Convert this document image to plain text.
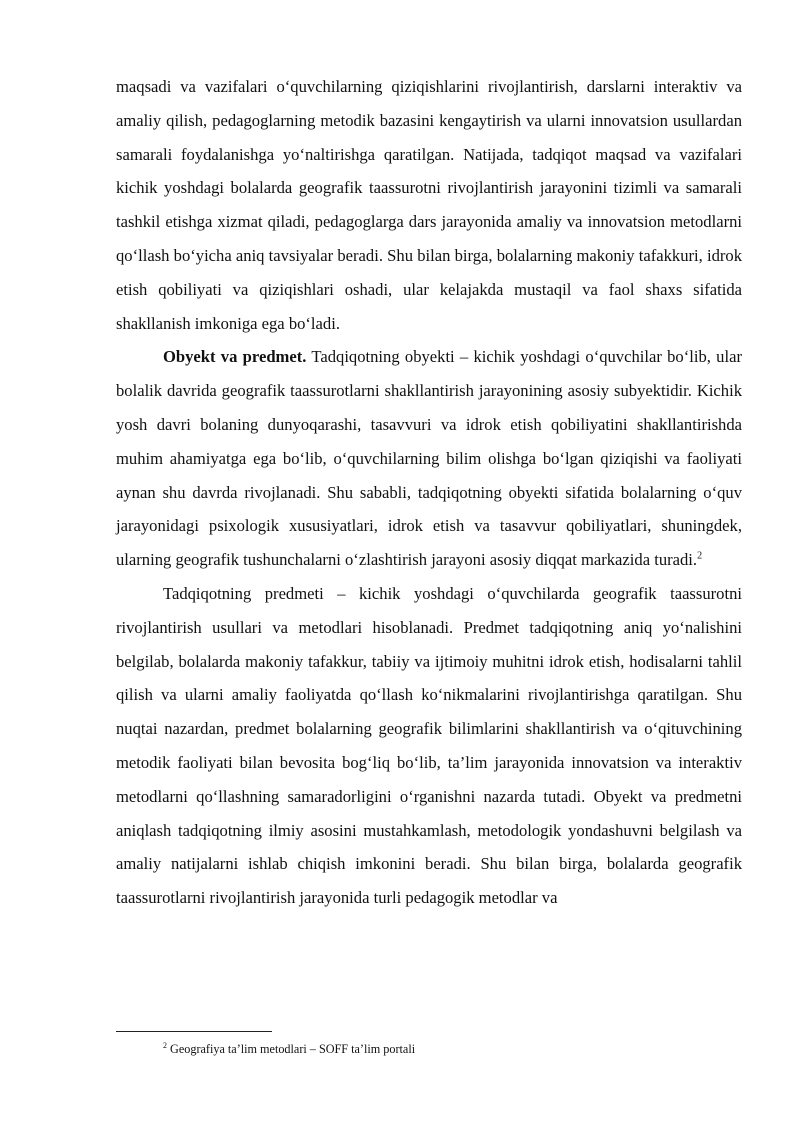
maqsadi va vazifalari o‘quvchilarning qiziqishlarini rivojlantirish, darslarni interaktiv va amaliy qilish, pedagoglarning metodik bazasini kengaytirish va ularni innovatsion usullardan samarali foydalanishga yo‘naltirishga qaratilgan. Natijada, tadqiqot maqsad va vazifalari kichik yoshdagi bolalarda geografik taassurotni rivojlantirish jarayonini tizimli va samarali tashkil etishga xizmat qiladi, pedagoglarga dars jarayonida amaliy va innovatsion metodlarni qo‘llash bo‘yicha aniq tavsiyalar beradi. Shu bilan birga, bolalarning makoniy tafakkuri, idrok etish qobiliyati va qiziqishlari oshadi, ular kelajakda mustaqil va faol shaxs sifatida shakllanish imkoniga ega bo‘ladi.

Obyekt va predmet. Tadqiqotning obyekti – kichik yoshdagi o‘quvchilar bo‘lib, ular bolalik davrida geografik taassurotlarni shakllantirish jarayonining asosiy subyektidir. Kichik yosh davri bolaning dunyoqarashi, tasavvuri va idrok etish qobiliyatini shakllantirishda muhim ahamiyatga ega bo‘lib, o‘quvchilarning bilim olishga bo‘lgan qiziqishi va faoliyati aynan shu davrda rivojlanadi. Shu sababli, tadqiqotning obyekti sifatida bolalarning o‘quv jarayonidagi psixologik xususiyatlari, idrok etish va tasavvur qobiliyatlari, shuningdek, ularning geografik tushunchalarni o‘zlashtirish jarayoni asosiy diqqat markazida turadi.$^2$

Tadqiqotning predmeti – kichik yoshdagi o‘quvchilarda geografik taassurotni rivojlantirish usullari va metodlari hisoblanadi. Predmet tadqiqotning aniq yo‘nalishini belgilab, bolalarda makoniy tafakkur, tabiiy va ijtimoiy muhitni idrok etish, hodisalarni tahlil qilish va ularni amaliy faoliyatda qo‘llash ko‘nikmalarini rivojlantirishga qaratilgan. Shu nuqtai nazardan, predmet bolalarning geografik bilimlarini shakllantirish va o‘qituvchining metodik faoliyati bilan bevosita bog‘liq bo‘lib, ta’lim jarayonida innovatsion va interaktiv metodlarni qo‘llashning samaradorligini o‘rganishni nazarda tutadi. Obyekt va predmetni aniqlash tadqiqotning ilmiy asosini mustahkamlash, metodologik yondashuvni belgilash va amaliy natijalarni ishlab chiqish imkonini beradi. Shu bilan birga, bolalarda geografik taassurotlarni rivojlantirish jarayonida turli pedagogik metodlar va

$^2$ Geografiya ta’lim metodlari – SOFF ta’lim portali
